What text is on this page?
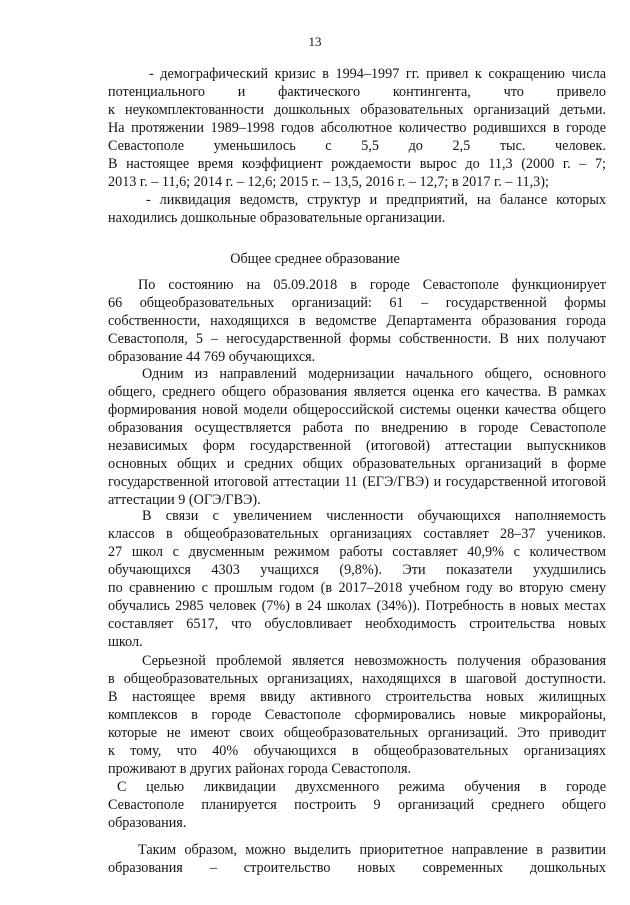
13
- демографический кризис в 1994–1997 гг. привел к сокращению числа
потенциального и фактического контингента, что привело
к неукомплектованности дошкольных образовательных организаций детьми.
На протяжении 1989–1998 годов абсолютное количество родившихся в городе
Севастополе уменьшилось с 5,5 до 2,5 тыс. человек.
В настоящее время коэффициент рождаемости вырос до 11,3 (2000 г. – 7;
2013 г. – 11,6; 2014 г. – 12,6; 2015 г. – 13,5, 2016 г. – 12,7; в 2017 г. – 11,3);
- ликвидация ведомств, структур и предприятий, на балансе которых
находились дошкольные образовательные организации.
Общее среднее образование
По состоянию на 05.09.2018 в городе Севастополе функционирует
66 общеобразовательных организаций: 61 – государственной формы
собственности, находящихся в ведомстве Департамента образования города
Севастополя, 5 – негосударственной формы собственности. В них получают
образование 44 769 обучающихся.
Одним из направлений модернизации начального общего, основного
общего, среднего общего образования является оценка его качества. В рамках
формирования новой модели общероссийской системы оценки качества общего
образования осуществляется работа по внедрению в городе Севастополе
независимых форм государственной (итоговой) аттестации выпускников
основных общих и средних общих образовательных организаций в форме
государственной итоговой аттестации 11 (ЕГЭ/ГВЭ) и государственной итоговой
аттестации 9 (ОГЭ/ГВЭ).
В связи с увеличением численности обучающихся наполняемость
классов в общеобразовательных организациях составляет 28–37 учеников.
27 школ с двусменным режимом работы составляет 40,9% с количеством
обучающихся 4303 учащихся (9,8%). Эти показатели ухудшились
по сравнению с прошлым годом (в 2017–2018 учебном году во вторую смену
обучались 2985 человек (7%) в 24 школах (34%)). Потребность в новых местах
составляет 6517, что обусловливает необходимость строительства новых
школ.
Серьезной проблемой является невозможность получения образования
в общеобразовательных организациях, находящихся в шаговой доступности.
В настоящее время ввиду активного строительства новых жилищных
комплексов в городе Севастополе сформировались новые микрорайоны,
которые не имеют своих общеобразовательных организаций. Это приводит
к тому, что 40% обучающихся в общеобразовательных организациях
проживают в других районах города Севастополя.
С целью ликвидации двухсменного режима обучения в городе
Севастополе планируется построить 9 организаций среднего общего
образования.
Таким образом, можно выделить приоритетное направление в развитии
образования – строительство новых современных дошкольных
